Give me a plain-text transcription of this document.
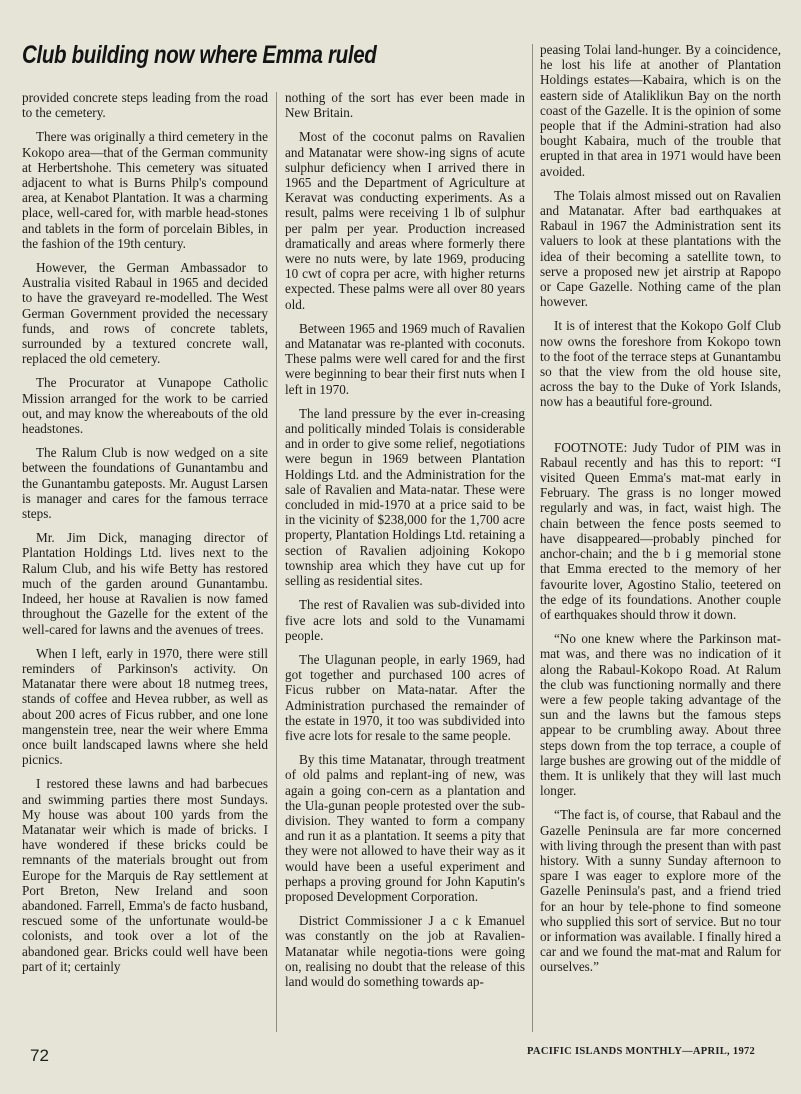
Club building now where Emma ruled

provided concrete steps leading from the road to the cemetery.

There was originally a third cemetery in the Kokopo area—that of the German community at Herbertshohe. This cemetery was situated adjacent to what is Burns Philp's compound area, at Kenabot Plantation. It was a charming place, well-cared for, with marble head-stones and tablets in the form of porcelain Bibles, in the fashion of the 19th century.

However, the German Ambassador to Australia visited Rabaul in 1965 and decided to have the graveyard re-modelled. The West German Government provided the necessary funds, and rows of concrete tablets, surrounded by a textured concrete wall, replaced the old cemetery.

The Procurator at Vunapope Catholic Mission arranged for the work to be carried out, and may know the whereabouts of the old headstones.

The Ralum Club is now wedged on a site between the foundations of Gunantambu and the Gunantambu gateposts. Mr. August Larsen is manager and cares for the famous terrace steps.

Mr. Jim Dick, managing director of Plantation Holdings Ltd. lives next to the Ralum Club, and his wife Betty has restored much of the garden around Gunantambu. Indeed, her house at Ravalien is now famed throughout the Gazelle for the extent of the well-cared for lawns and the avenues of trees.

When I left, early in 1970, there were still reminders of Parkinson's activity. On Matanatar there were about 18 nutmeg trees, stands of coffee and Hevea rubber, as well as about 200 acres of Ficus rubber, and one lone mangenstein tree, near the weir where Emma once built landscaped lawns where she held picnics.

I restored these lawns and had barbecues and swimming parties there most Sundays. My house was about 100 yards from the Matanatar weir which is made of bricks. I have wondered if these bricks could be remnants of the materials brought out from Europe for the Marquis de Ray settlement at Port Breton, New Ireland and soon abandoned. Farrell, Emma's de facto husband, rescued some of the unfortunate would-be colonists, and took over a lot of the abandoned gear. Bricks could well have been part of it; certainly

nothing of the sort has ever been made in New Britain.

Most of the coconut palms on Ravalien and Matanatar were show-ing signs of acute sulphur deficiency when I arrived there in 1965 and the Department of Agriculture at Keravat was conducting experiments. As a result, palms were receiving 1 lb of sulphur per palm per year. Production increased dramatically and areas where formerly there were no nuts were, by late 1969, producing 10 cwt of copra per acre, with higher returns expected. These palms were all over 80 years old.

Between 1965 and 1969 much of Ravalien and Matanatar was re-planted with coconuts. These palms were well cared for and the first were beginning to bear their first nuts when I left in 1970.

The land pressure by the ever in-creasing and politically minded Tolais is considerable and in order to give some relief, negotiations were begun in 1969 between Plantation Holdings Ltd. and the Administration for the sale of Ravalien and Mata-natar. These were concluded in mid-1970 at a price said to be in the vicinity of $238,000 for the 1,700 acre property, Plantation Holdings Ltd. retaining a section of Ravalien adjoining Kokopo township area which they have cut up for selling as residential sites.

The rest of Ravalien was sub-divided into five acre lots and sold to the Vunamami people.

The Ulagunan people, in early 1969, had got together and purchased 100 acres of Ficus rubber on Mata-natar. After the Administration purchased the remainder of the estate in 1970, it too was subdivided into five acre lots for resale to the same people.

By this time Matanatar, through treatment of old palms and replant-ing of new, was again a going con-cern as a plantation and the Ula-gunan people protested over the sub-division. They wanted to form a company and run it as a plantation. It seems a pity that they were not allowed to have their way as it would have been a useful experiment and perhaps a proving ground for John Kaputin's proposed Development Corporation.

District Commissioner J a c k Emanuel was constantly on the job at Ravalien-Matanatar while negotia-tions were going on, realising no doubt that the release of this land would do something towards ap-

peasing Tolai land-hunger. By a coincidence, he lost his life at another of Plantation Holdings estates—Kabaira, which is on the eastern side of Ataliklikun Bay on the north coast of the Gazelle. It is the opinion of some people that if the Admini-stration had also bought Kabaira, much of the trouble that erupted in that area in 1971 would have been avoided.

The Tolais almost missed out on Ravalien and Matanatar. After bad earthquakes at Rabaul in 1967 the Administration sent its valuers to look at these plantations with the idea of their becoming a satellite town, to serve a proposed new jet airstrip at Rapopo or Cape Gazelle. Nothing came of the plan however.

It is of interest that the Kokopo Golf Club now owns the foreshore from Kokopo town to the foot of the terrace steps at Gunantambu so that the view from the old house site, across the bay to the Duke of York Islands, now has a beautiful fore-ground.

FOOTNOTE: Judy Tudor of PIM was in Rabaul recently and has this to report: “I visited Queen Emma's mat-mat early in February. The grass is no longer mowed regularly and was, in fact, waist high. The chain between the fence posts seemed to have disappeared—probably pinched for anchor-chain; and the b i g memorial stone that Emma erected to the memory of her favourite lover, Agostino Stalio, teetered on the edge of its foundations. Another couple of earthquakes should throw it down.

“No one knew where the Parkinson mat-mat was, and there was no indication of it along the Rabaul-Kokopo Road. At Ralum the club was functioning normally and there were a few people taking advantage of the sun and the lawns but the famous steps appear to be crumbling away. About three steps down from the top terrace, a couple of large bushes are growing out of the middle of them. It is unlikely that they will last much longer.

“The fact is, of course, that Rabaul and the Gazelle Peninsula are far more concerned with living through the present than with past history. With a sunny Sunday afternoon to spare I was eager to explore more of the Gazelle Peninsula's past, and a friend tried for an hour by tele-phone to find someone who supplied this sort of service. But no tour or information was available. I finally hired a car and we found the mat-mat and Ralum for ourselves.”

72	PACIFIC ISLANDS MONTHLY—APRIL, 1972
